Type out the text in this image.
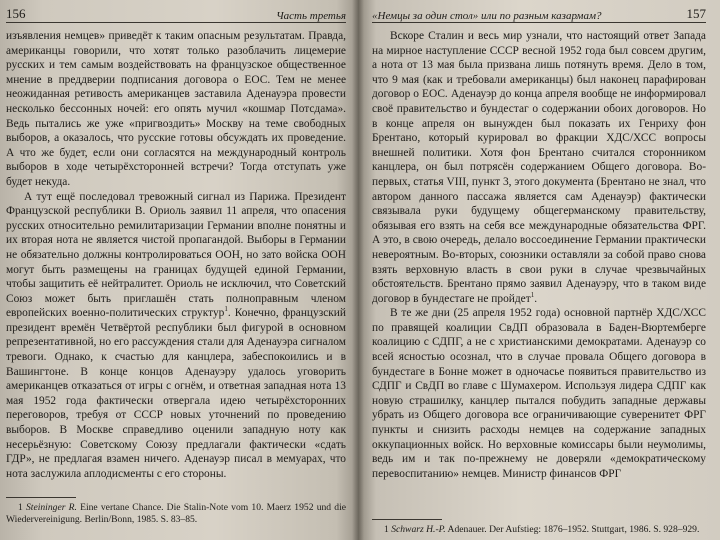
156	Часть третья

изъявления немцев» приведёт к таким опасным результатам. Правда, американцы говорили, что хотят только разоблачить лицемерие русских и тем самым воздействовать на французское общественное мнение в преддверии подписания договора о ЕОС. Тем не менее неожиданная ретивость американцев заставила Аденауэра провести несколько бессонных ночей: его опять мучил «кошмар Потсдама». Ведь пытались же уже «пригвоздить» Москву на теме свободных выборов, а оказалось, что русские готовы обсуждать их проведение. А что же будет, если они согласятся на международный контроль выборов в ходе четырёхсторонней встречи? Тогда отступать уже будет некуда.

А тут ещё последовал тревожный сигнал из Парижа. Президент Французской республики В. Ориоль заявил 11 апреля, что опасения русских относительно ремилитаризации Германии вполне понятны и их вторая нота не является чистой пропагандой. Выборы в Германии не обязательно должны контролироваться ООН, но зато войска ООН могут быть размещены на границах будущей единой Германии, чтобы защитить её нейтралитет. Ориоль не исключил, что Советский Союз может быть приглашён стать полноправным членом европейских военно-политических структур$^1$. Конечно, французский президент времён Четвёртой республики был фигурой в основном репрезентативной, но его рассуждения стали для Аденауэра сигналом тревоги. Однако, к счастью для канцлера, забеспокоились и в Вашингтоне. В конце концов Аденауэру удалось уговорить американцев отказаться от игры с огнём, и ответная западная нота 13 мая 1952 года фактически отвергала идею четырёхсторонних переговоров, требуя от СССР новых уточнений по проведению выборов. В Москве справедливо оценили западную ноту как несерьёзную: Советскому Союзу предлагали фактически «сдать ГДР», не предлагая взамен ничего. Аденауэр писал в мемуарах, что нота заслужила аплодисменты с его стороны.

1 Steininger R. Eine vertane Chance. Die Stalin-Note vom 10. Maerz 1952 und die Wiedervereinigung. Berlin/Bonn, 1985. S. 83–85.

«Немцы за один стол» или по разным казармам?	157

Вскоре Сталин и весь мир узнали, что настоящий ответ Запада на мирное наступление СССР весной 1952 года был совсем другим, а нота от 13 мая была призвана лишь потянуть время. Дело в том, что 9 мая (как и требовали американцы) был наконец парафирован договор о ЕОС. Аденауэр до конца апреля вообще не информировал своё правительство и бундестаг о содержании обоих договоров. Но в конце апреля он вынужден был показать их Генриху фон Брентано, который курировал во фракции ХДС/ХСС вопросы внешней политики. Хотя фон Брентано считался сторонником канцлера, он был потрясён содержанием Общего договора. Во-первых, статья VIII, пункт 3, этого документа (Брентано не знал, что автором данного пассажа является сам Аденауэр) фактически связывала руки будущему общегерманскому правительству, обязывая его взять на себя все международные обязательства ФРГ. А это, в свою очередь, делало воссоединение Германии практически невероятным. Во-вторых, союзники оставляли за собой право снова взять верховную власть в свои руки в случае чрезвычайных обстоятельств. Брентано прямо заявил Аденауэру, что в таком виде договор в бундестаге не пройдет$^1$.

В те же дни (25 апреля 1952 года) основной партнёр ХДС/ХСС по правящей коалиции СвДП образовала в Баден-Вюртемберге коалицию с СДПГ, а не с христианскими демократами. Аденауэр со всей ясностью осознал, что в случае провала Общего договора в бундестаге в Бонне может в одночасье появиться правительство из СДПГ и СвДП во главе с Шумахером. Используя лидера СДПГ как новую страшилку, канцлер пытался побудить западные державы убрать из Общего договора все ограничивающие суверенитет ФРГ пункты и снизить расходы немцев на содержание западных оккупационных войск. Но верховные комиссары были неумолимы, ведь им и так по-прежнему не доверяли «демократическому перевоспитанию» немцев. Министр финансов ФРГ

1 Schwarz H.-P. Adenauer. Der Aufstieg: 1876–1952. Stuttgart, 1986. S. 928–929.
